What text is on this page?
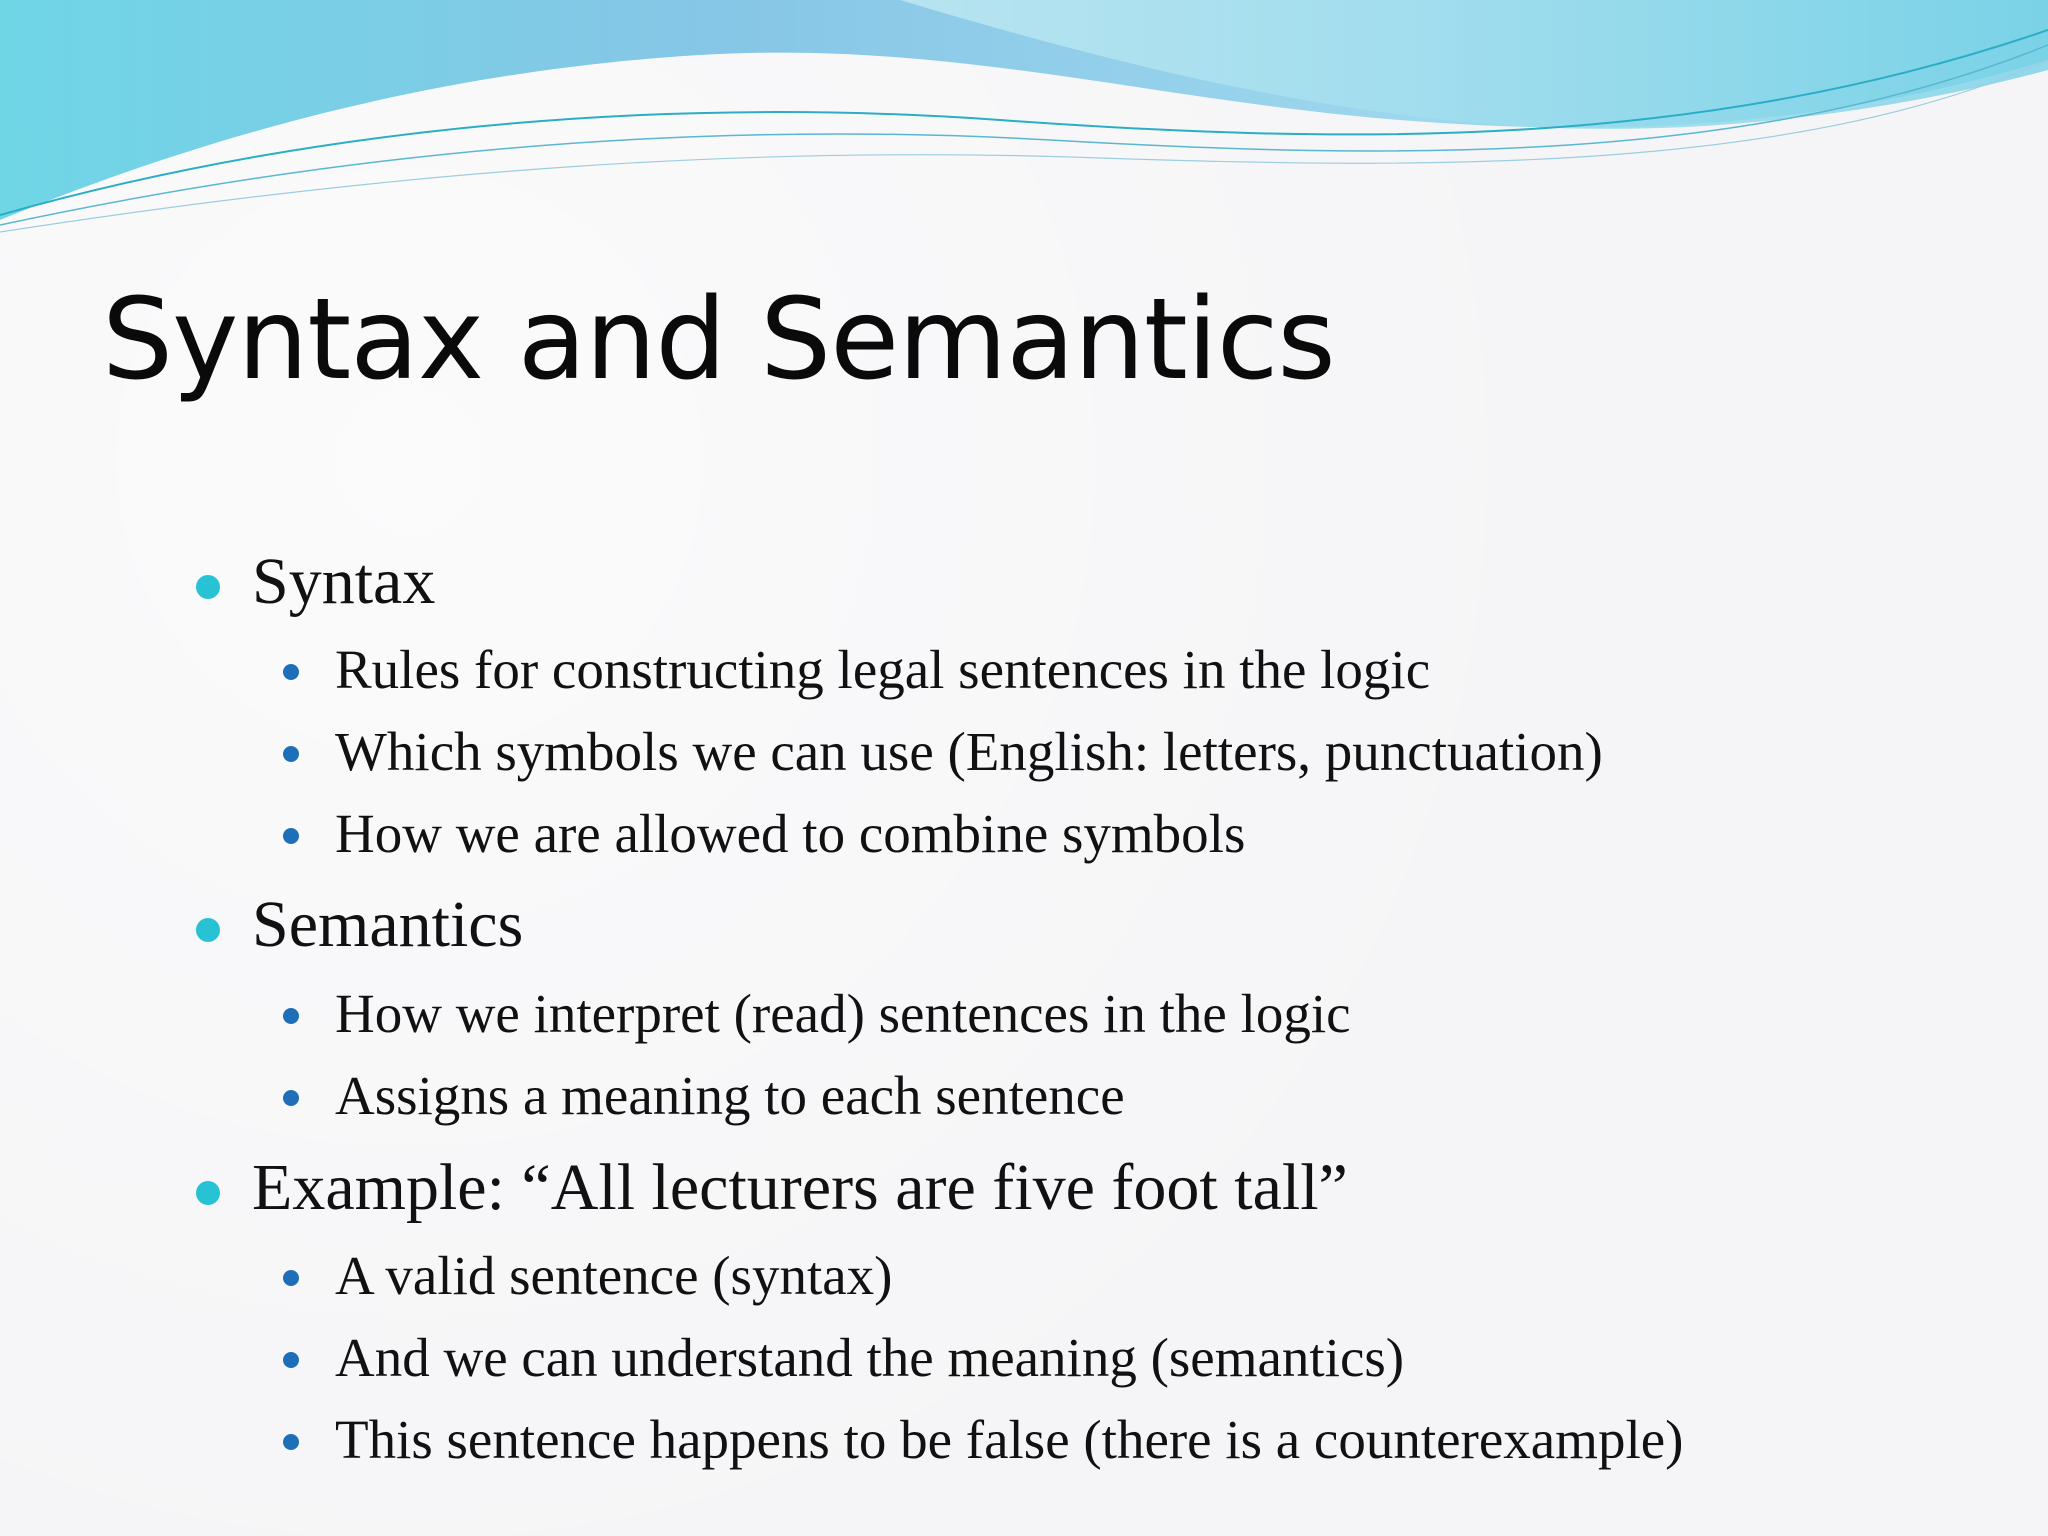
Syntax and Semantics
Syntax
Rules for constructing legal sentences in the logic
Which symbols we can use (English: letters, punctuation)
How we are allowed to combine symbols
Semantics
How we interpret (read) sentences in the logic
Assigns a meaning to each sentence
Example: “All lecturers are five foot tall”
A valid sentence (syntax)
And we can understand the meaning (semantics)
This sentence happens to be false (there is a counterexample)
